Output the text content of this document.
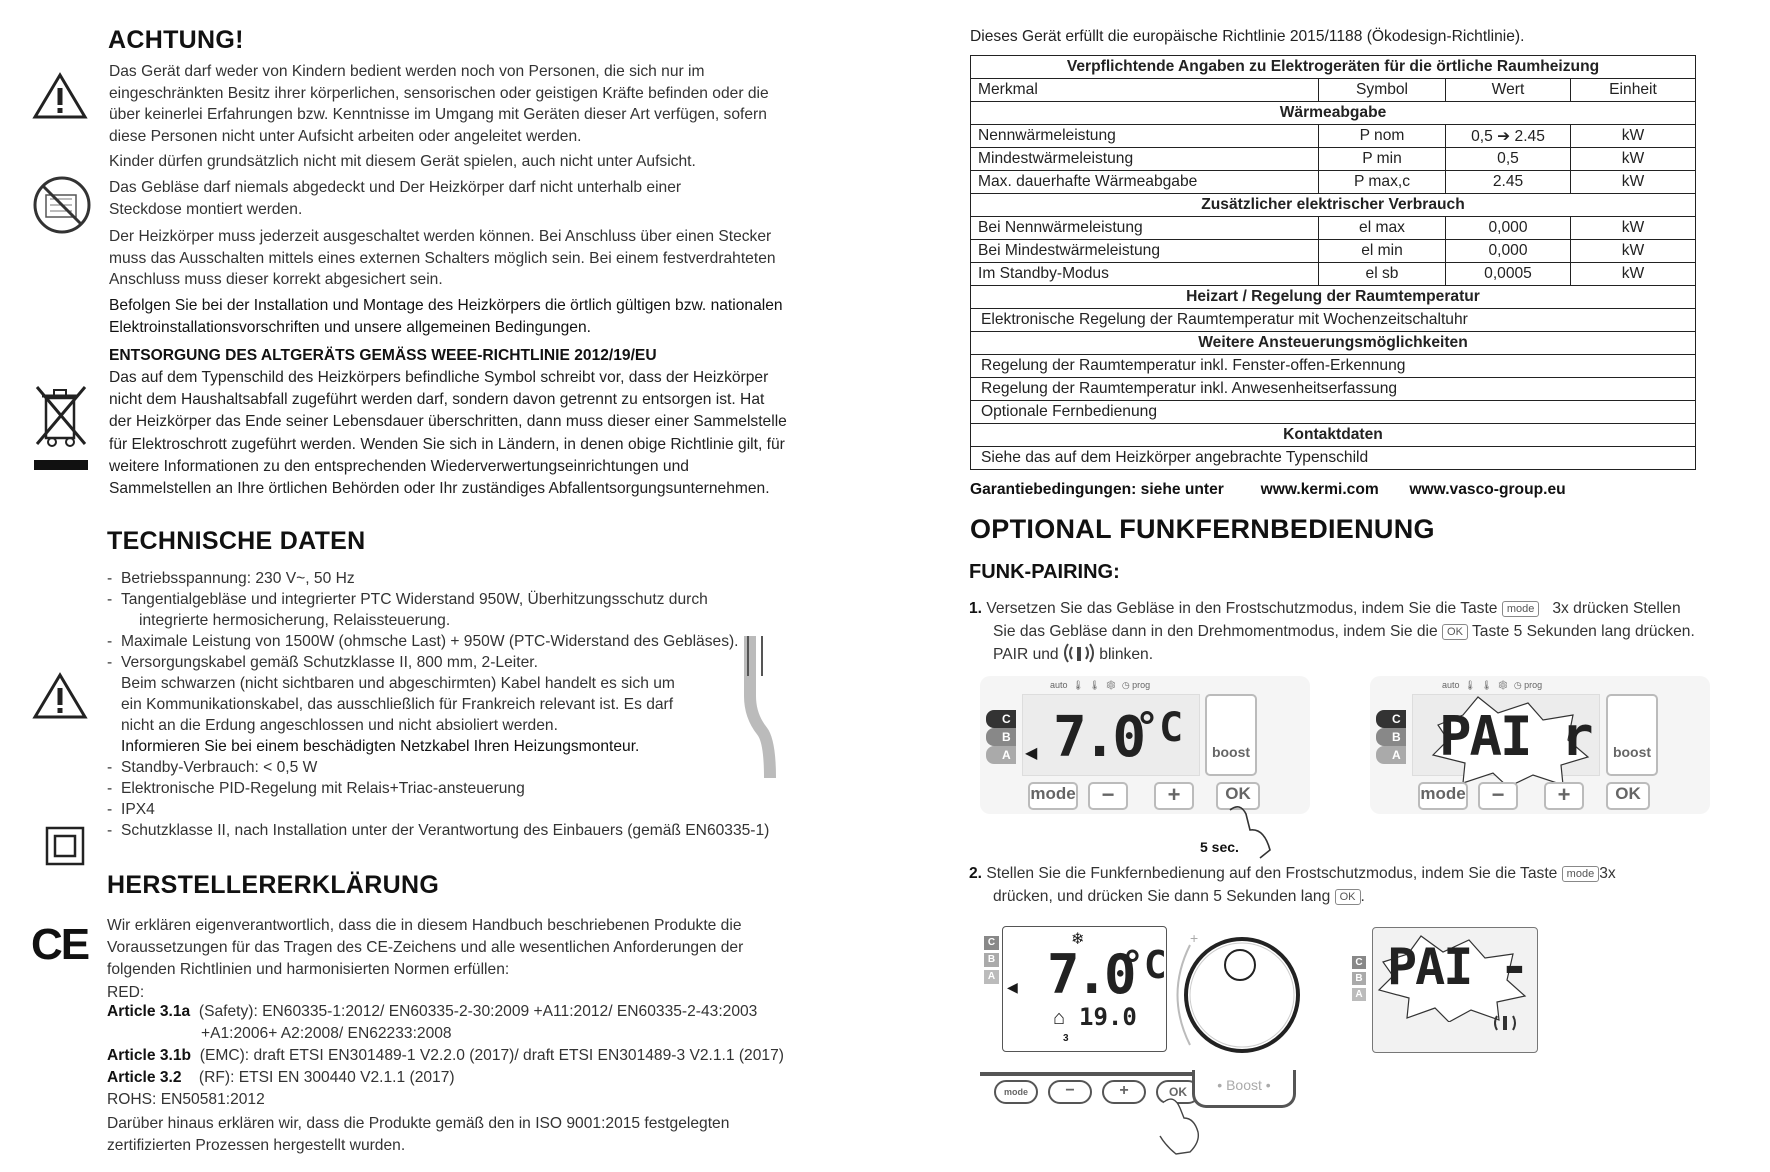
ACHTUNG!
Das Gerät darf weder von Kindern bedient werden noch von Personen, die sich nur im eingeschränkten Besitz ihrer körperlichen, sensorischen oder geistigen Kräfte befinden oder die über keinerlei Erfahrungen bzw. Kenntnisse im Umgang mit Geräten dieser Art verfügen, sofern diese Personen nicht unter Aufsicht arbeiten oder angeleitet werden.
Kinder dürfen grundsätzlich nicht mit diesem Gerät spielen, auch nicht unter Aufsicht.
Das Gebläse darf niemals abgedeckt und Der Heizkörper darf nicht unterhalb einer Steckdose montiert werden.
Der Heizkörper muss jederzeit ausgeschaltet werden können. Bei Anschluss über einen Stecker muss das Ausschalten mittels eines externen Schalters möglich sein. Bei einem festverdrahteten Anschluss muss dieser korrekt abgesichert sein.
Befolgen Sie bei der Installation und Montage des Heizkörpers die örtlich gültigen bzw. nationalen Elektroinstallationsvorschriften und unsere allgemeinen Bedingungen.
ENTSORGUNG DES ALTGERÄTS GEMÄSS WEEE-RICHTLINIE 2012/19/EU
Das auf dem Typenschild des Heizkörpers befindliche Symbol schreibt vor, dass der Heizkörper nicht dem Haushaltsabfall zugeführt werden darf, sondern davon getrennt zu entsorgen ist. Hat der Heizkörper das Ende seiner Lebensdauer überschritten, dann muss dieser einer Sammelstelle für Elektroschrott zugeführt werden. Wenden Sie sich in Ländern, in denen obige Richtlinie gilt, für weitere Informationen zu den entsprechenden Wiederverwertungseinrichtungen und Sammelstellen an Ihre örtlichen Behörden oder Ihr zuständiges Abfallentsorgungsunternehmen.
TECHNISCHE DATEN
- Betriebsspannung: 230 V~, 50 Hz
- Tangentialgebläse und integrierter PTC Widerstand 950W, Überhitzungsschutz durch
integrierte hermosicherung, Relaissteuerung.
- Maximale Leistung von 1500W (ohmsche Last) + 950W (PTC-Widerstand des Gebläses).
- Versorgungskabel gemäß Schutzklasse II, 800 mm, 2-Leiter.
Beim schwarzen (nicht sichtbaren und abgeschirmten) Kabel handelt es sich um
ein Kommunikationskabel, das ausschließlich für Frankreich relevant ist. Es darf
nicht an die Erdung angeschlossen und nicht absioliert werden.
Informieren Sie bei einem beschädigten Netzkabel Ihren Heizungsmonteur.
- Standby-Verbrauch: < 0,5 W
- Elektronische PID-Regelung mit Relais+Triac-ansteuerung
- IPX4
- Schutzklasse II, nach Installation unter der Verantwortung des Einbauers (gemäß EN60335-1)
HERSTELLERERKLÄRUNG
CE Wir erklären eigenverantwortlich, dass die in diesem Handbuch beschriebenen Produkte die Voraussetzungen für das Tragen des CE-Zeichens und alle wesentlichen Anforderungen der folgenden Richtlinien und harmonisierten Normen erfüllen:
RED:
Article 3.1a (Safety): EN60335-1:2012/ EN60335-2-30:2009 +A11:2012/ EN60335-2-43:2003
+A1:2006+ A2:2008/ EN62233:2008
Article 3.1b (EMC): draft ETSI EN301489-1 V2.2.0 (2017)/ draft ETSI EN301489-3 V2.1.1 (2017)
Article 3.2 (RF): ETSI EN 300440 V2.1.1 (2017)
ROHS: EN50581:2012
Darüber hinaus erklären wir, dass die Produkte gemäß den in ISO 9001:2015 festgelegten zertifizierten Prozessen hergestellt wurden.
Dieses Gerät erfüllt die europäische Richtlinie 2015/1188 (Ökodesign-Richtlinie).
Verpflichtende Angaben zu Elektrogeräten für die örtliche Raumheizung			
Merkmal	Symbol	Wert	Einheit
Wärmeabgabe			
Nennwärmeleistung	P nom	0,5 ➔ 2.45	kW
Mindestwärmeleistung	P min	0,5	kW
Max. dauerhafte Wärmeabgabe	P max,c	2.45	kW
Zusätzlicher elektrischer Verbrauch			
Bei Nennwärmeleistung	el max	0,000	kW
Bei Mindestwärmeleistung	el min	0,000	kW
Im Standby-Modus	el sb	0,0005	kW
Heizart / Regelung der Raumtemperatur			
Elektronische Regelung der Raumtemperatur mit Wochenzeitschaltuhr			
Weitere Ansteuerungsmöglichkeiten			
Regelung der Raumtemperatur inkl. Fenster-offen-Erkennung			
Regelung der Raumtemperatur inkl. Anwesenheitserfassung			
Optionale Fernbedienung			
Kontaktdaten			
Siehe das auf dem Heizkörper angebrachte Typenschild			
Garantiebedingungen: siehe unter www.kermi.com www.vasco-group.eu
OPTIONAL FUNKFERNBEDIENUNG
FUNK-PAIRING:
1. Versetzen Sie das Gebläse in den Frostschutzmodus, indem Sie die Taste mode 3x drücken Stellen
Sie das Gebläse dann in den Drehmomentmodus, indem Sie die OK Taste 5 Sekunden lang drücken.
PAIR und	blinken.
auto  🌡  🌡  ❄  ◷ prog
C
B
A 7.0
°C
◀	boost
mode	−	+	OK
5 sec.
auto  🌡  🌡  ❄  ◷ prog
C
B
A PAI r	boost
mode	−	+	OK
2. Stellen Sie die Funkfernbedienung auf den Frostschutzmodus, indem Sie die Taste mode 3x
drücken, und drücken Sie dann 5 Sekunden lang OK .
C
B
A
❄
7.0
°C
◀
⌂ 19.0
3
+
mode	−	+	OK	• Boost •
C
B
A PAI -
